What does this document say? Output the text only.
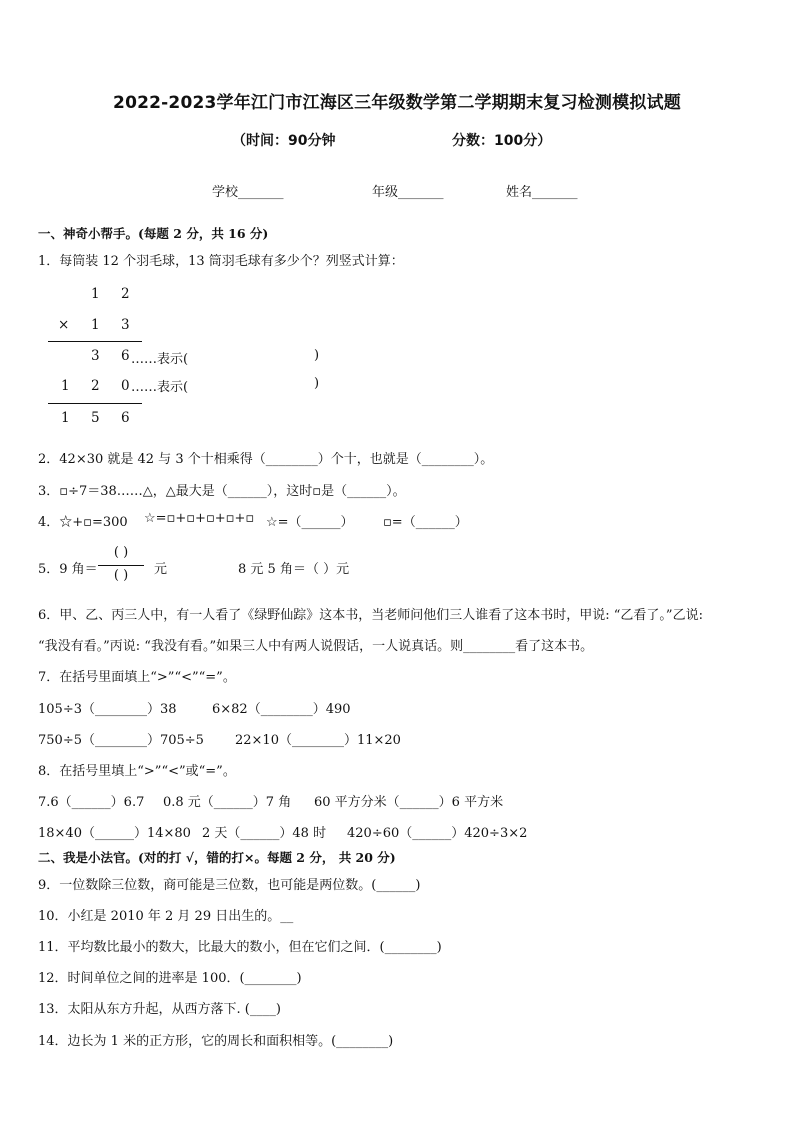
2022-2023学年江门市江海区三年级数学第二学期期末复习检测模拟试题
（时间：90分钟	分数：100分）
学校_______	年级_______	姓名_______
一、神奇小帮手。(每题 2 分，共 16 分)
1．每筒装 12 个羽毛球，13 筒羽毛球有多少个？列竖式计算：
1 2
× 1 3
3 6 ……表示(	)
1 2 0 ……表示(	)
1 5 6
2．42×30 就是 42 与 3 个十相乘得（________）个十，也就是（________）。
3．▫÷7＝38……△，△最大是（______），这时▫是（______）。
4．☆+▫=300 ☆=▫+▫+▫+▫+▫ ☆=（______） ▫=（______）
5．9 角＝
( )
( )	元	8 元 5 角＝（ ）元
6．甲、乙、丙三人中，有一人看了《绿野仙踪》这本书，当老师问他们三人谁看了这本书时，甲说: “乙看了。”乙说:
“我没有看。”丙说: “我没有看。”如果三人中有两人说假话，一人说真话。则________看了这本书。
7．在括号里面填上“>”“<”“=”。
105÷3（________）38	6×82（________）490
750÷5（________）705÷5 22×10（________）11×20
8．在括号里填上“>”“<”或“=”。
7.6（______）6.7 0.8 元（______）7 角 60 平方分米（______）6 平方米
18×40（______）14×80 2 天（______）48 时 420÷60（______）420÷3×2
二、我是小法官。(对的打 √，错的打×。每题 2 分， 共 20 分)
9．一位数除三位数，商可能是三位数，也可能是两位数。(______)
10．小红是 2010 年 2 月 29 日出生的。__
11．平均数比最小的数大，比最大的数小，但在它们之间．(________)
12．时间单位之间的进率是 100．(________)
13．太阳从东方升起，从西方落下. (____)
14．边长为 1 米的正方形，它的周长和面积相等。(________)
